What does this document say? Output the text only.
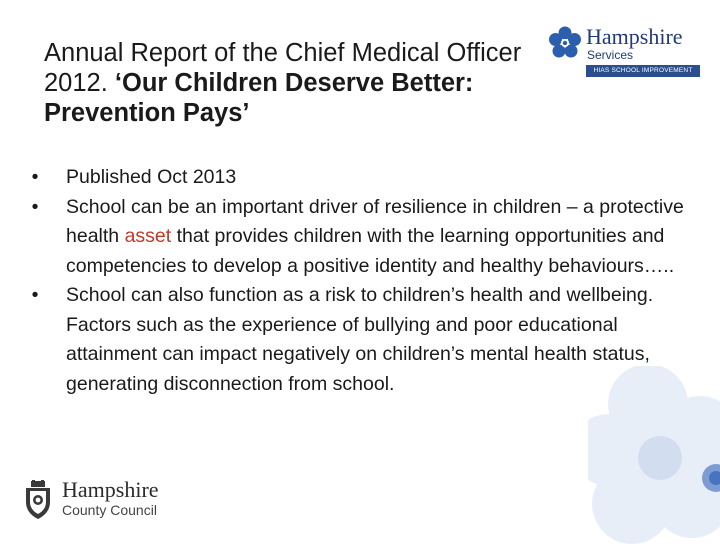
Annual Report of the Chief Medical Officer 2012. ‘Our Children Deserve Better: Prevention Pays’
Hampshire
Services
HIAS SCHOOL IMPROVEMENT
• Published Oct 2013
• School can be an important driver of resilience in children – a protective health asset that provides children with the learning opportunities and competencies to develop a positive identity and healthy behaviours…..
• School can also function as a risk to children’s health and wellbeing. Factors such as the experience of bullying and poor educational attainment can impact negatively on children’s mental health status, generating disconnection from school.
Hampshire
County Council
